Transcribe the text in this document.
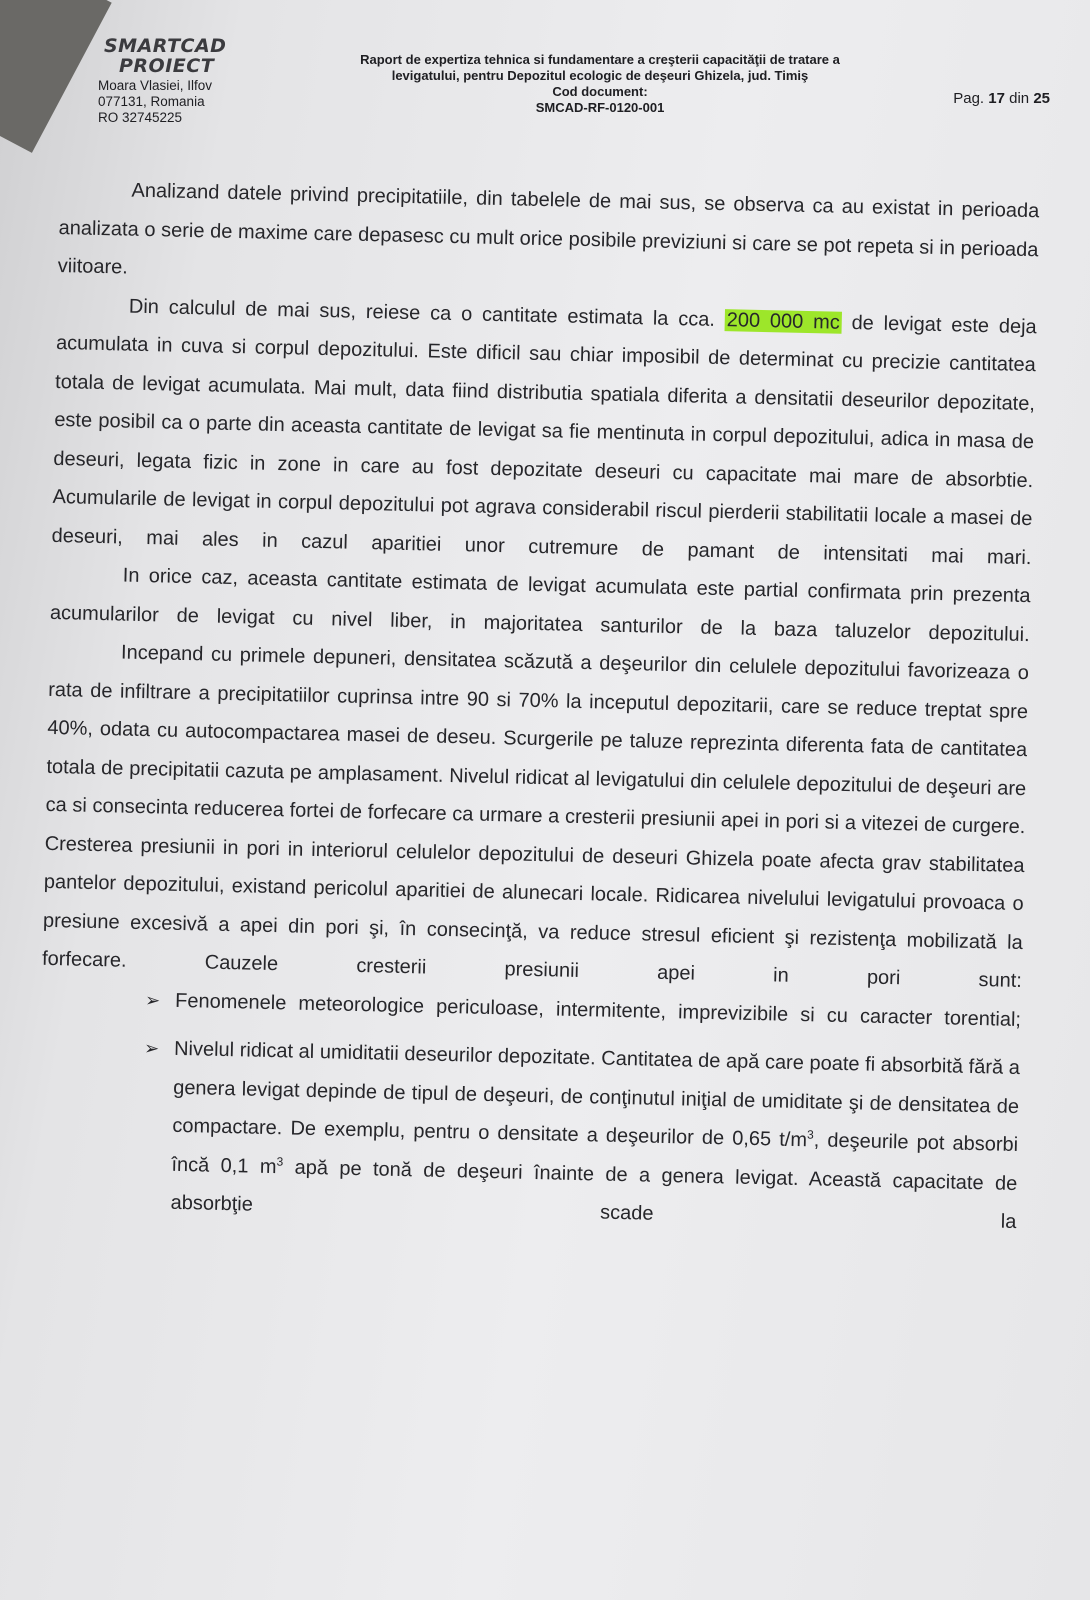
SMARTCAD
PROIECT
Moara Vlasiei, Ilfov
077131, Romania
RO 32745225
Raport de expertiza tehnica si fundamentare a creşterii capacităţii de tratare a
levigatului, pentru Depozitul ecologic de deşeuri Ghizela, jud. Timiş
Cod document:
SMCAD-RF-0120-001
Pag. 17 din 25

Analizand datele privind precipitatiile, din tabelele de mai sus, se observa ca au existat in perioada analizata o serie de maxime care depasesc cu mult orice posibile previziuni si care se pot repeta si in perioada viitoare.

Din calculul de mai sus, reiese ca o cantitate estimata la cca. 200 000 mc de levigat este deja acumulata in cuva si corpul depozitului. Este dificil sau chiar imposibil de determinat cu precizie cantitatea totala de levigat acumulata. Mai mult, data fiind distributia spatiala diferita a densitatii deseurilor depozitate, este posibil ca o parte din aceasta cantitate de levigat sa fie mentinuta in corpul depozitului, adica in masa de deseuri, legata fizic in zone in care au fost depozitate deseuri cu capacitate mai mare de absorbtie. Acumularile de levigat in corpul depozitului pot agrava considerabil riscul pierderii stabilitatii locale a masei de deseuri, mai ales in cazul aparitiei unor cutremure de pamant de intensitati mai mari.

In orice caz, aceasta cantitate estimata de levigat acumulata este partial confirmata prin prezenta acumularilor de levigat cu nivel liber, in majoritatea santurilor de la baza taluzelor depozitului.

Incepand cu primele depuneri, densitatea scăzută a deşeurilor din celulele depozitului favorizeaza o rata de infiltrare a precipitatiilor cuprinsa intre 90 si 70% la inceputul depozitarii, care se reduce treptat spre 40%, odata cu autocompactarea masei de deseu. Scurgerile pe taluze reprezinta diferenta fata de cantitatea totala de precipitatii cazuta pe amplasament. Nivelul ridicat al levigatului din celulele depozitului de deşeuri are ca si consecinta reducerea fortei de forfecare ca urmare a cresterii presiunii apei in pori si a vitezei de curgere. Cresterea presiunii in pori in interiorul celulelor depozitului de deseuri Ghizela poate afecta grav stabilitatea pantelor depozitului, existand pericolul aparitiei de alunecari locale. Ridicarea nivelului levigatului provoaca o presiune excesivă a apei din pori şi, în consecinţă, va reduce stresul eficient şi rezistenţa mobilizată la forfecare. Cauzele cresterii presiunii apei in pori sunt:

➢ Fenomenele meteorologice periculoase, intermitente, imprevizibile si cu caracter torential;
➢ Nivelul ridicat al umiditatii deseurilor depozitate. Cantitatea de apă care poate fi absorbită fără a genera levigat depinde de tipul de deşeuri, de conţinutul iniţial de umiditate şi de densitatea de compactare. De exemplu, pentru o densitate a deşeurilor de 0,65 $t/m^3$, deşeurile pot absorbi încă 0,1 $m^3$ apă pe tonă de deşeuri înainte de a genera levigat. Această capacitate de absorbţie scade la
